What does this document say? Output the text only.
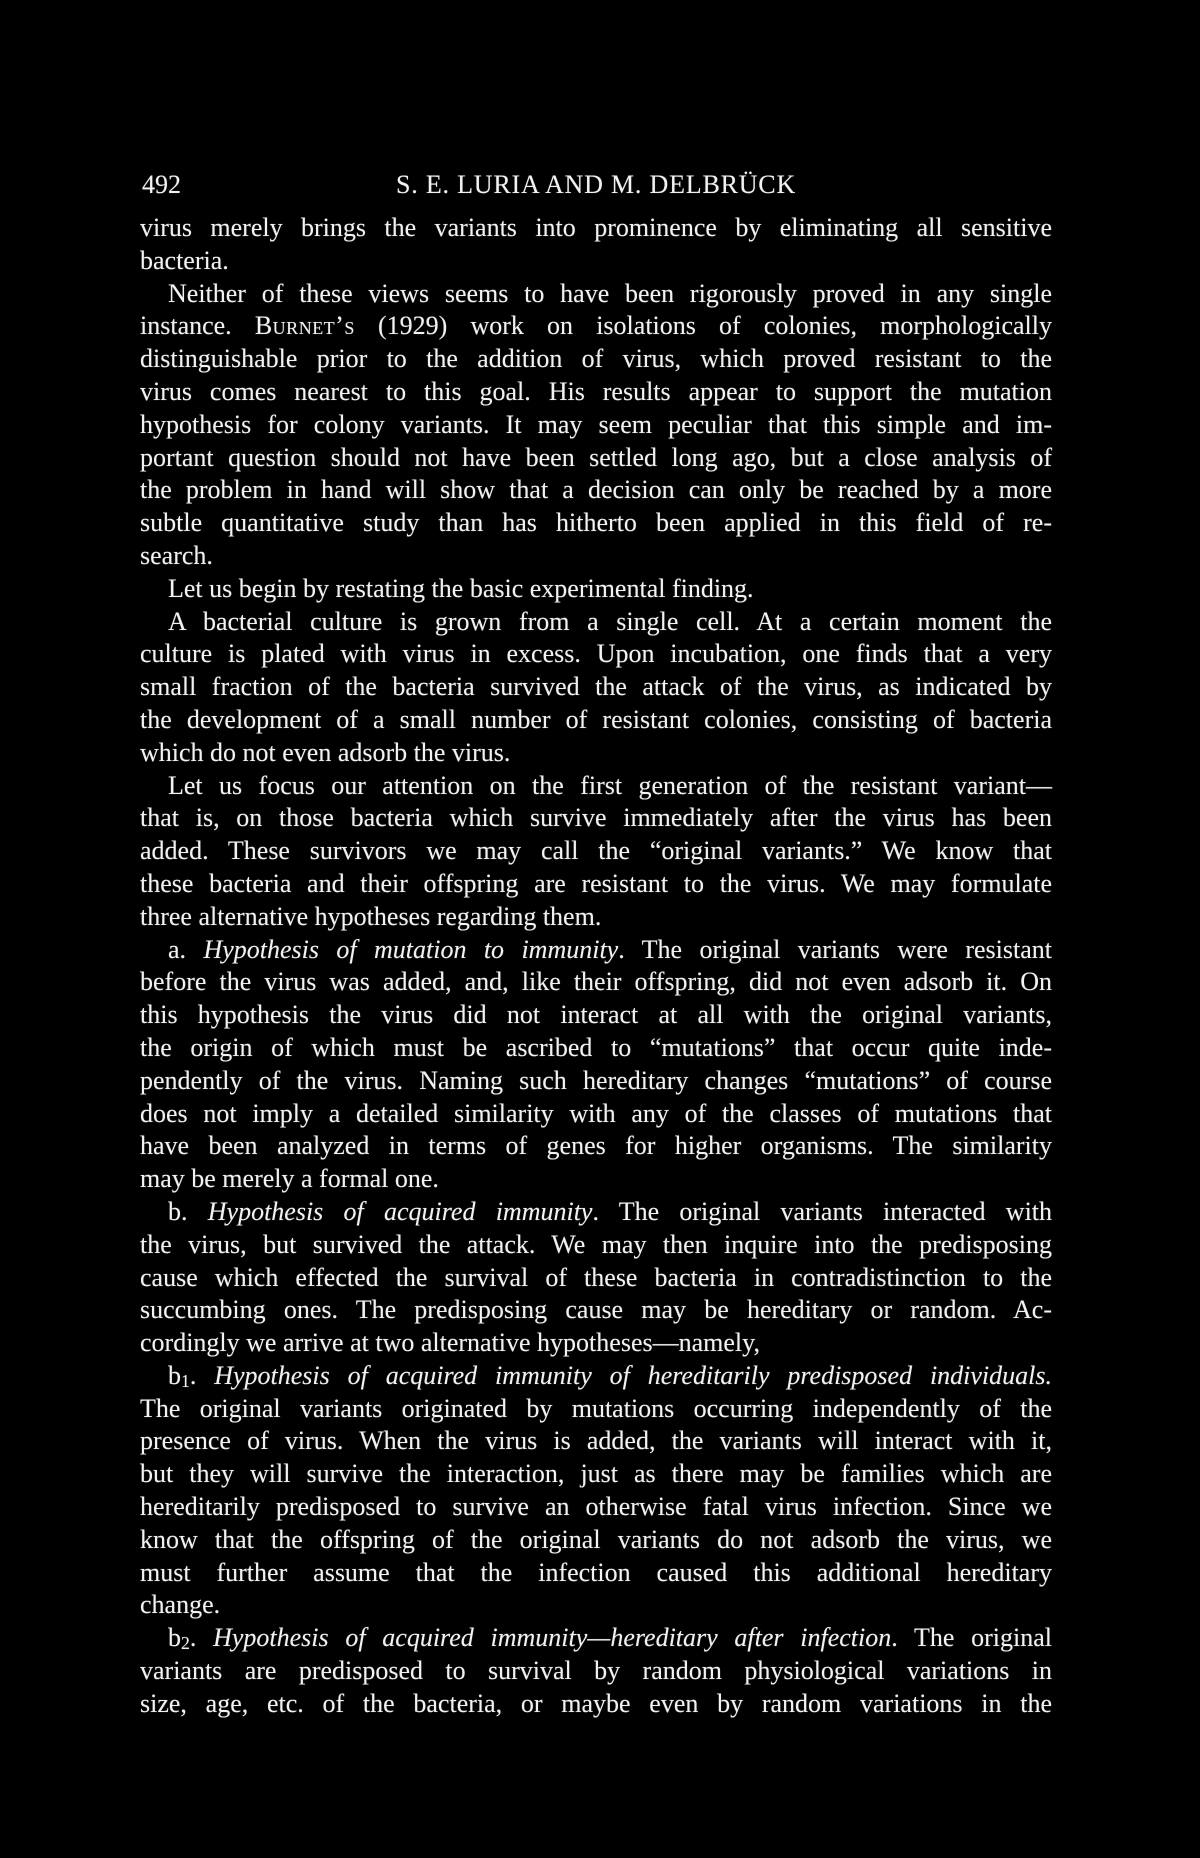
492	S. E. LURIA AND M. DELBRÜCK
virus merely brings the variants into prominence by eliminating all sensitive
bacteria.
Neither of these views seems to have been rigorously proved in any single
instance. Burnet’s (1929) work on isolations of colonies, morphologically
distinguishable prior to the addition of virus, which proved resistant to the
virus comes nearest to this goal. His results appear to support the mutation
hypothesis for colony variants. It may seem peculiar that this simple and im-
portant question should not have been settled long ago, but a close analysis of
the problem in hand will show that a decision can only be reached by a more
subtle quantitative study than has hitherto been applied in this field of re-
search.
Let us begin by restating the basic experimental finding.
A bacterial culture is grown from a single cell. At a certain moment the
culture is plated with virus in excess. Upon incubation, one finds that a very
small fraction of the bacteria survived the attack of the virus, as indicated by
the development of a small number of resistant colonies, consisting of bacteria
which do not even adsorb the virus.
Let us focus our attention on the first generation of the resistant variant—
that is, on those bacteria which survive immediately after the virus has been
added. These survivors we may call the “original variants.” We know that
these bacteria and their offspring are resistant to the virus. We may formulate
three alternative hypotheses regarding them.
a. Hypothesis of mutation to immunity. The original variants were resistant
before the virus was added, and, like their offspring, did not even adsorb it. On
this hypothesis the virus did not interact at all with the original variants,
the origin of which must be ascribed to “mutations” that occur quite inde-
pendently of the virus. Naming such hereditary changes “mutations” of course
does not imply a detailed similarity with any of the classes of mutations that
have been analyzed in terms of genes for higher organisms. The similarity
may be merely a formal one.
b. Hypothesis of acquired immunity. The original variants interacted with
the virus, but survived the attack. We may then inquire into the predisposing
cause which effected the survival of these bacteria in contradistinction to the
succumbing ones. The predisposing cause may be hereditary or random. Ac-
cordingly we arrive at two alternative hypotheses—namely,
b1. Hypothesis of acquired immunity of hereditarily predisposed individuals.
The original variants originated by mutations occurring independently of the
presence of virus. When the virus is added, the variants will interact with it,
but they will survive the interaction, just as there may be families which are
hereditarily predisposed to survive an otherwise fatal virus infection. Since we
know that the offspring of the original variants do not adsorb the virus, we
must further assume that the infection caused this additional hereditary
change.
b2. Hypothesis of acquired immunity—hereditary after infection. The original
variants are predisposed to survival by random physiological variations in
size, age, etc. of the bacteria, or maybe even by random variations in the
